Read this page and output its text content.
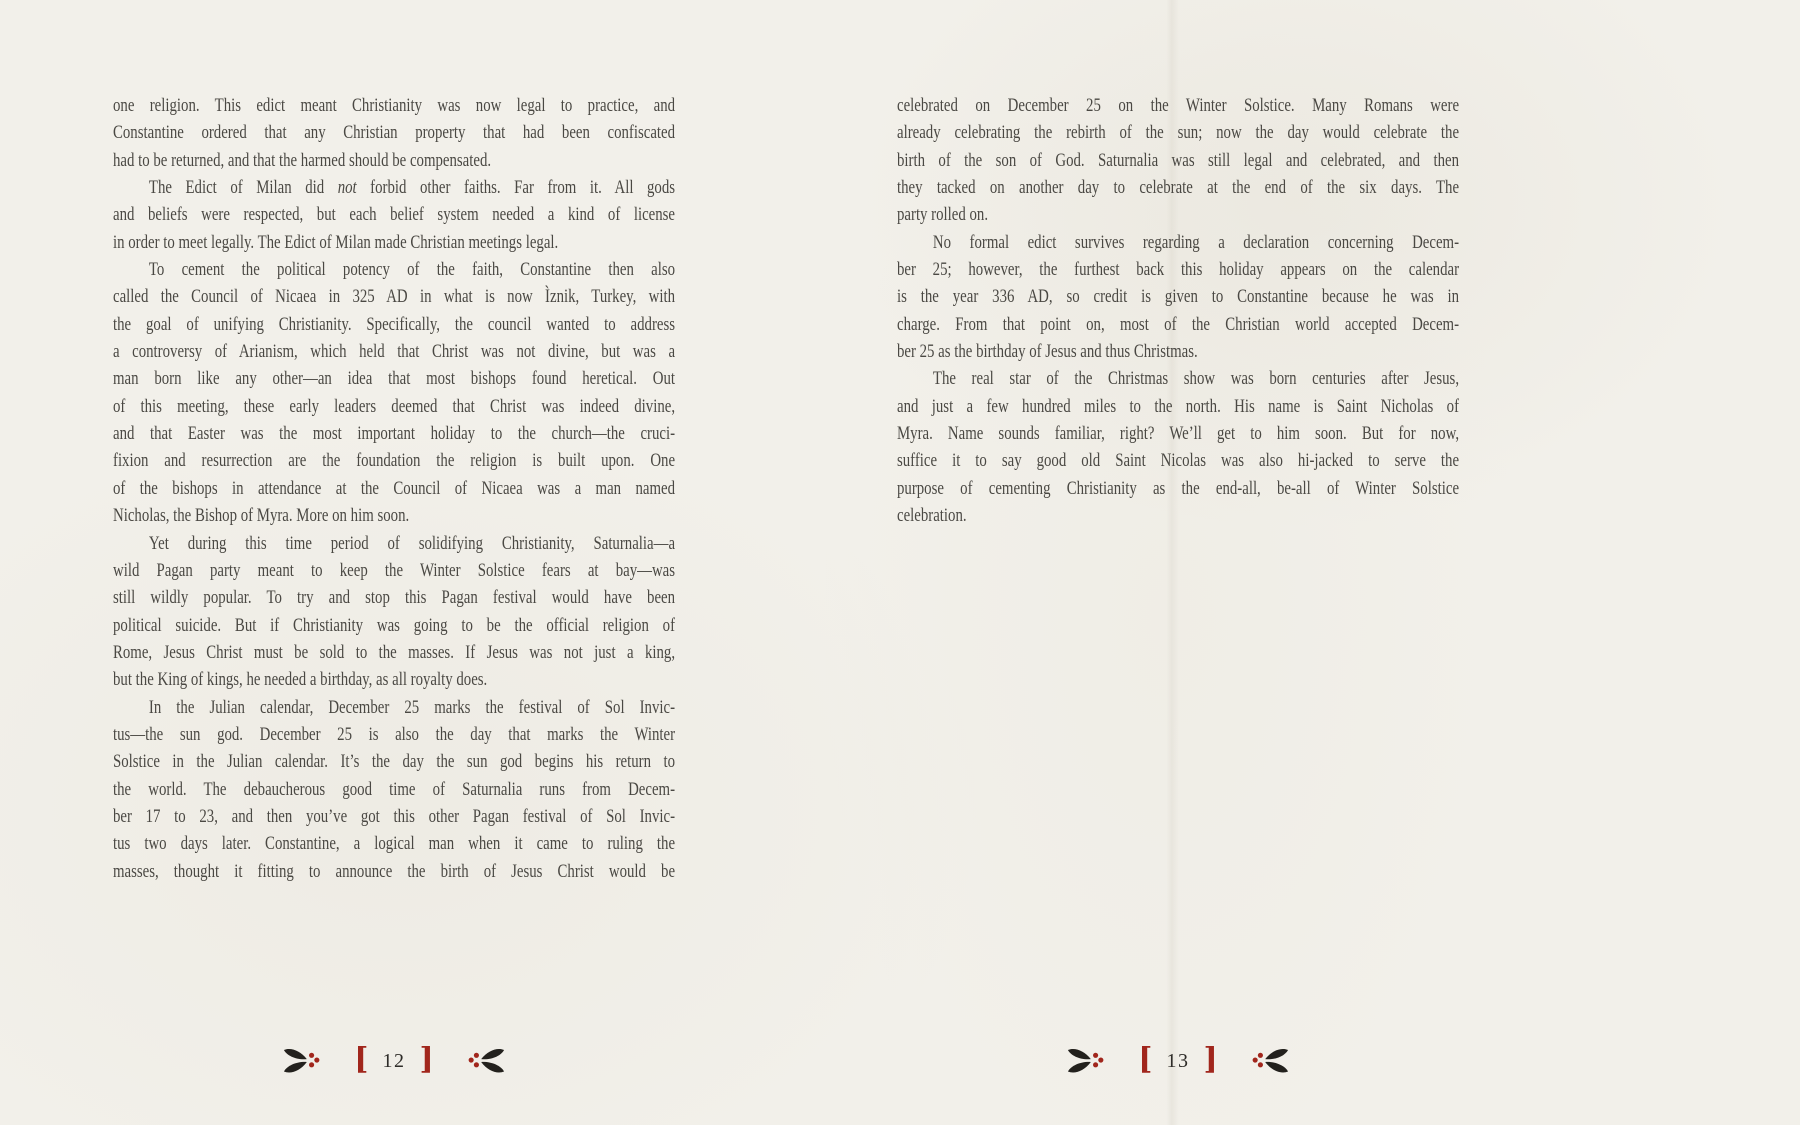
one religion. This edict meant Christianity was now legal to practice, and
Constantine ordered that any Christian property that had been confiscated
had to be returned, and that the harmed should be compensated.
The Edict of Milan did not forbid other faiths. Far from it. All gods
and beliefs were respected, but each belief system needed a kind of license
in order to meet legally. The Edict of Milan made Christian meetings legal.
To cement the political potency of the faith, Constantine then also
called the Council of Nicaea in 325 AD in what is now Ìznik, Turkey, with
the goal of unifying Christianity. Specifically, the council wanted to address
a controversy of Arianism, which held that Christ was not divine, but was a
man born like any other—an idea that most bishops found heretical. Out
of this meeting, these early leaders deemed that Christ was indeed divine,
and that Easter was the most important holiday to the church—the cruci-
fixion and resurrection are the foundation the religion is built upon. One
of the bishops in attendance at the Council of Nicaea was a man named
Nicholas, the Bishop of Myra. More on him soon.
Yet during this time period of solidifying Christianity, Saturnalia—a
wild Pagan party meant to keep the Winter Solstice fears at bay—was
still wildly popular. To try and stop this Pagan festival would have been
political suicide. But if Christianity was going to be the official religion of
Rome, Jesus Christ must be sold to the masses. If Jesus was not just a king,
but the King of kings, he needed a birthday, as all royalty does.
In the Julian calendar, December 25 marks the festival of Sol Invic-
tus—the sun god. December 25 is also the day that marks the Winter
Solstice in the Julian calendar. It’s the day the sun god begins his return to
the world. The debaucherous good time of Saturnalia runs from Decem-
ber 17 to 23, and then you’ve got this other Pagan festival of Sol Invic-
tus two days later. Constantine, a logical man when it came to ruling the
masses, thought it fitting to announce the birth of Jesus Christ would be
[ 12 ]
celebrated on December 25 on the Winter Solstice. Many Romans were
already celebrating the rebirth of the sun; now the day would celebrate the
birth of the son of God. Saturnalia was still legal and celebrated, and then
they tacked on another day to celebrate at the end of the six days. The
party rolled on.
No formal edict survives regarding a declaration concerning Decem-
ber 25; however, the furthest back this holiday appears on the calendar
is the year 336 AD, so credit is given to Constantine because he was in
charge. From that point on, most of the Christian world accepted Decem-
ber 25 as the birthday of Jesus and thus Christmas.
The real star of the Christmas show was born centuries after Jesus,
and just a few hundred miles to the north. His name is Saint Nicholas of
Myra. Name sounds familiar, right? We’ll get to him soon. But for now,
suffice it to say good old Saint Nicolas was also hi-jacked to serve the
purpose of cementing Christianity as the end-all, be-all of Winter Solstice
celebration.
[ 13 ]
